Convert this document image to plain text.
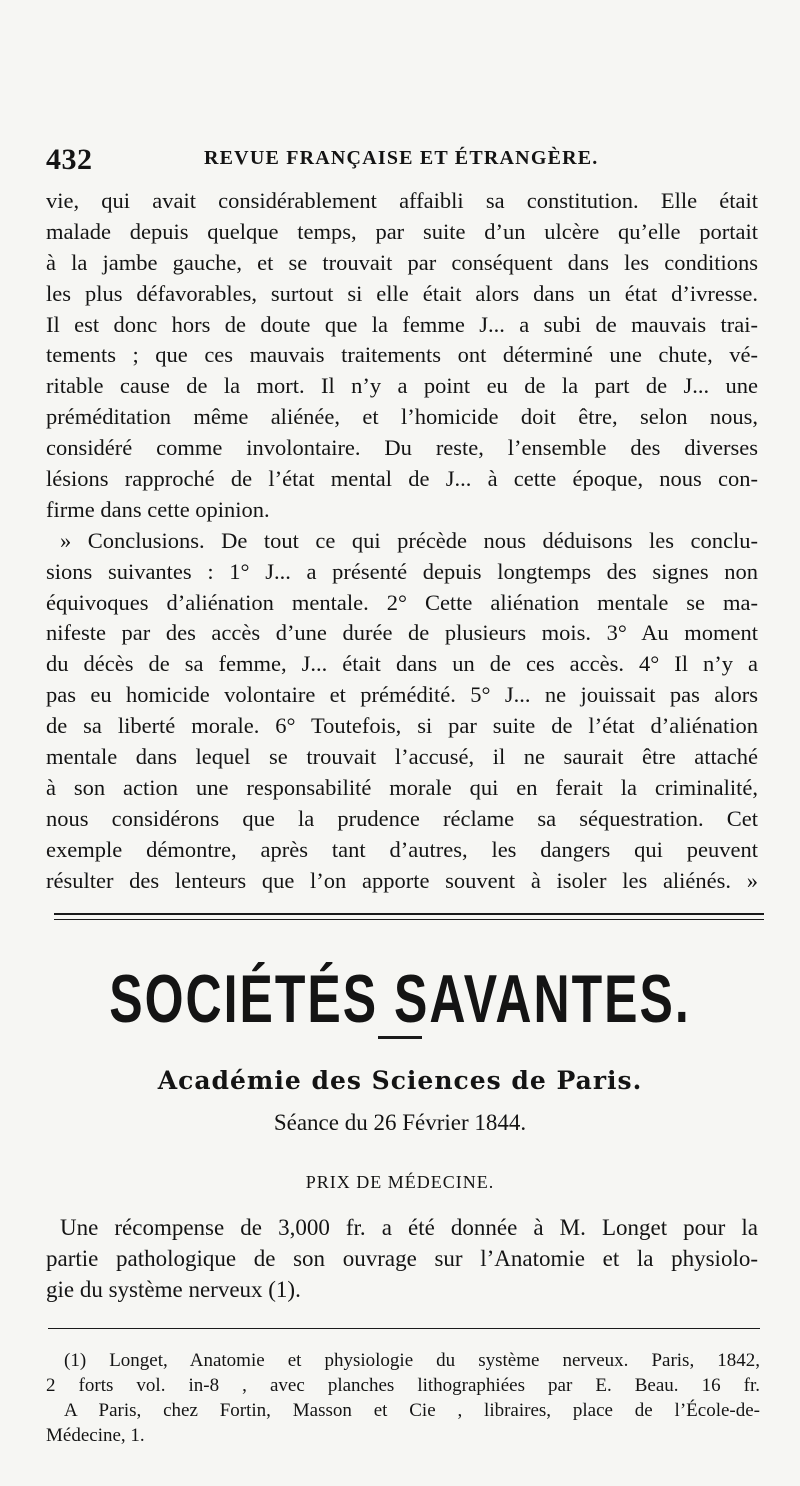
432	REVUE FRANÇAISE ET ÉTRANGÈRE.
vie, qui avait considérablement affaibli sa constitution. Elle était
malade depuis quelque temps, par suite d’un ulcère qu’elle portait
à la jambe gauche, et se trouvait par conséquent dans les conditions
les plus défavorables, surtout si elle était alors dans un état d’ivresse.
Il est donc hors de doute que la femme J... a subi de mauvais trai-
tements ; que ces mauvais traitements ont déterminé une chute, vé-
ritable cause de la mort. Il n’y a point eu de la part de J... une
préméditation même aliénée, et l’homicide doit être, selon nous,
considéré comme involontaire. Du reste, l’ensemble des diverses
lésions rapproché de l’état mental de J... à cette époque, nous con-
firme dans cette opinion.
» Conclusions. De tout ce qui précède nous déduisons les conclu-
sions suivantes : 1° J... a présenté depuis longtemps des signes non
équivoques d’aliénation mentale. 2° Cette aliénation mentale se ma-
nifeste par des accès d’une durée de plusieurs mois. 3° Au moment
du décès de sa femme, J... était dans un de ces accès. 4° Il n’y a
pas eu homicide volontaire et prémédité. 5° J... ne jouissait pas alors
de sa liberté morale. 6° Toutefois, si par suite de l’état d’aliénation
mentale dans lequel se trouvait l’accusé, il ne saurait être attaché
à son action une responsabilité morale qui en ferait la criminalité,
nous considérons que la prudence réclame sa séquestration. Cet
exemple démontre, après tant d’autres, les dangers qui peuvent
résulter des lenteurs que l’on apporte souvent à isoler les aliénés. »
SOCIÉTÉS SAVANTES.
Académie des Sciences de Paris.
Séance du 26 Février 1844.
PRIX DE MÉDECINE.
Une récompense de 3,000 fr. a été donnée à M. Longet pour la
partie pathologique de son ouvrage sur l’Anatomie et la physiolo-
gie du système nerveux (1).
(1) Longet, Anatomie et physiologie du système nerveux. Paris, 1842,
2 forts vol. in-8 , avec planches lithographiées par E. Beau. 16 fr.
A Paris, chez Fortin, Masson et Cie , libraires, place de l’École-de-
Médecine, 1.
